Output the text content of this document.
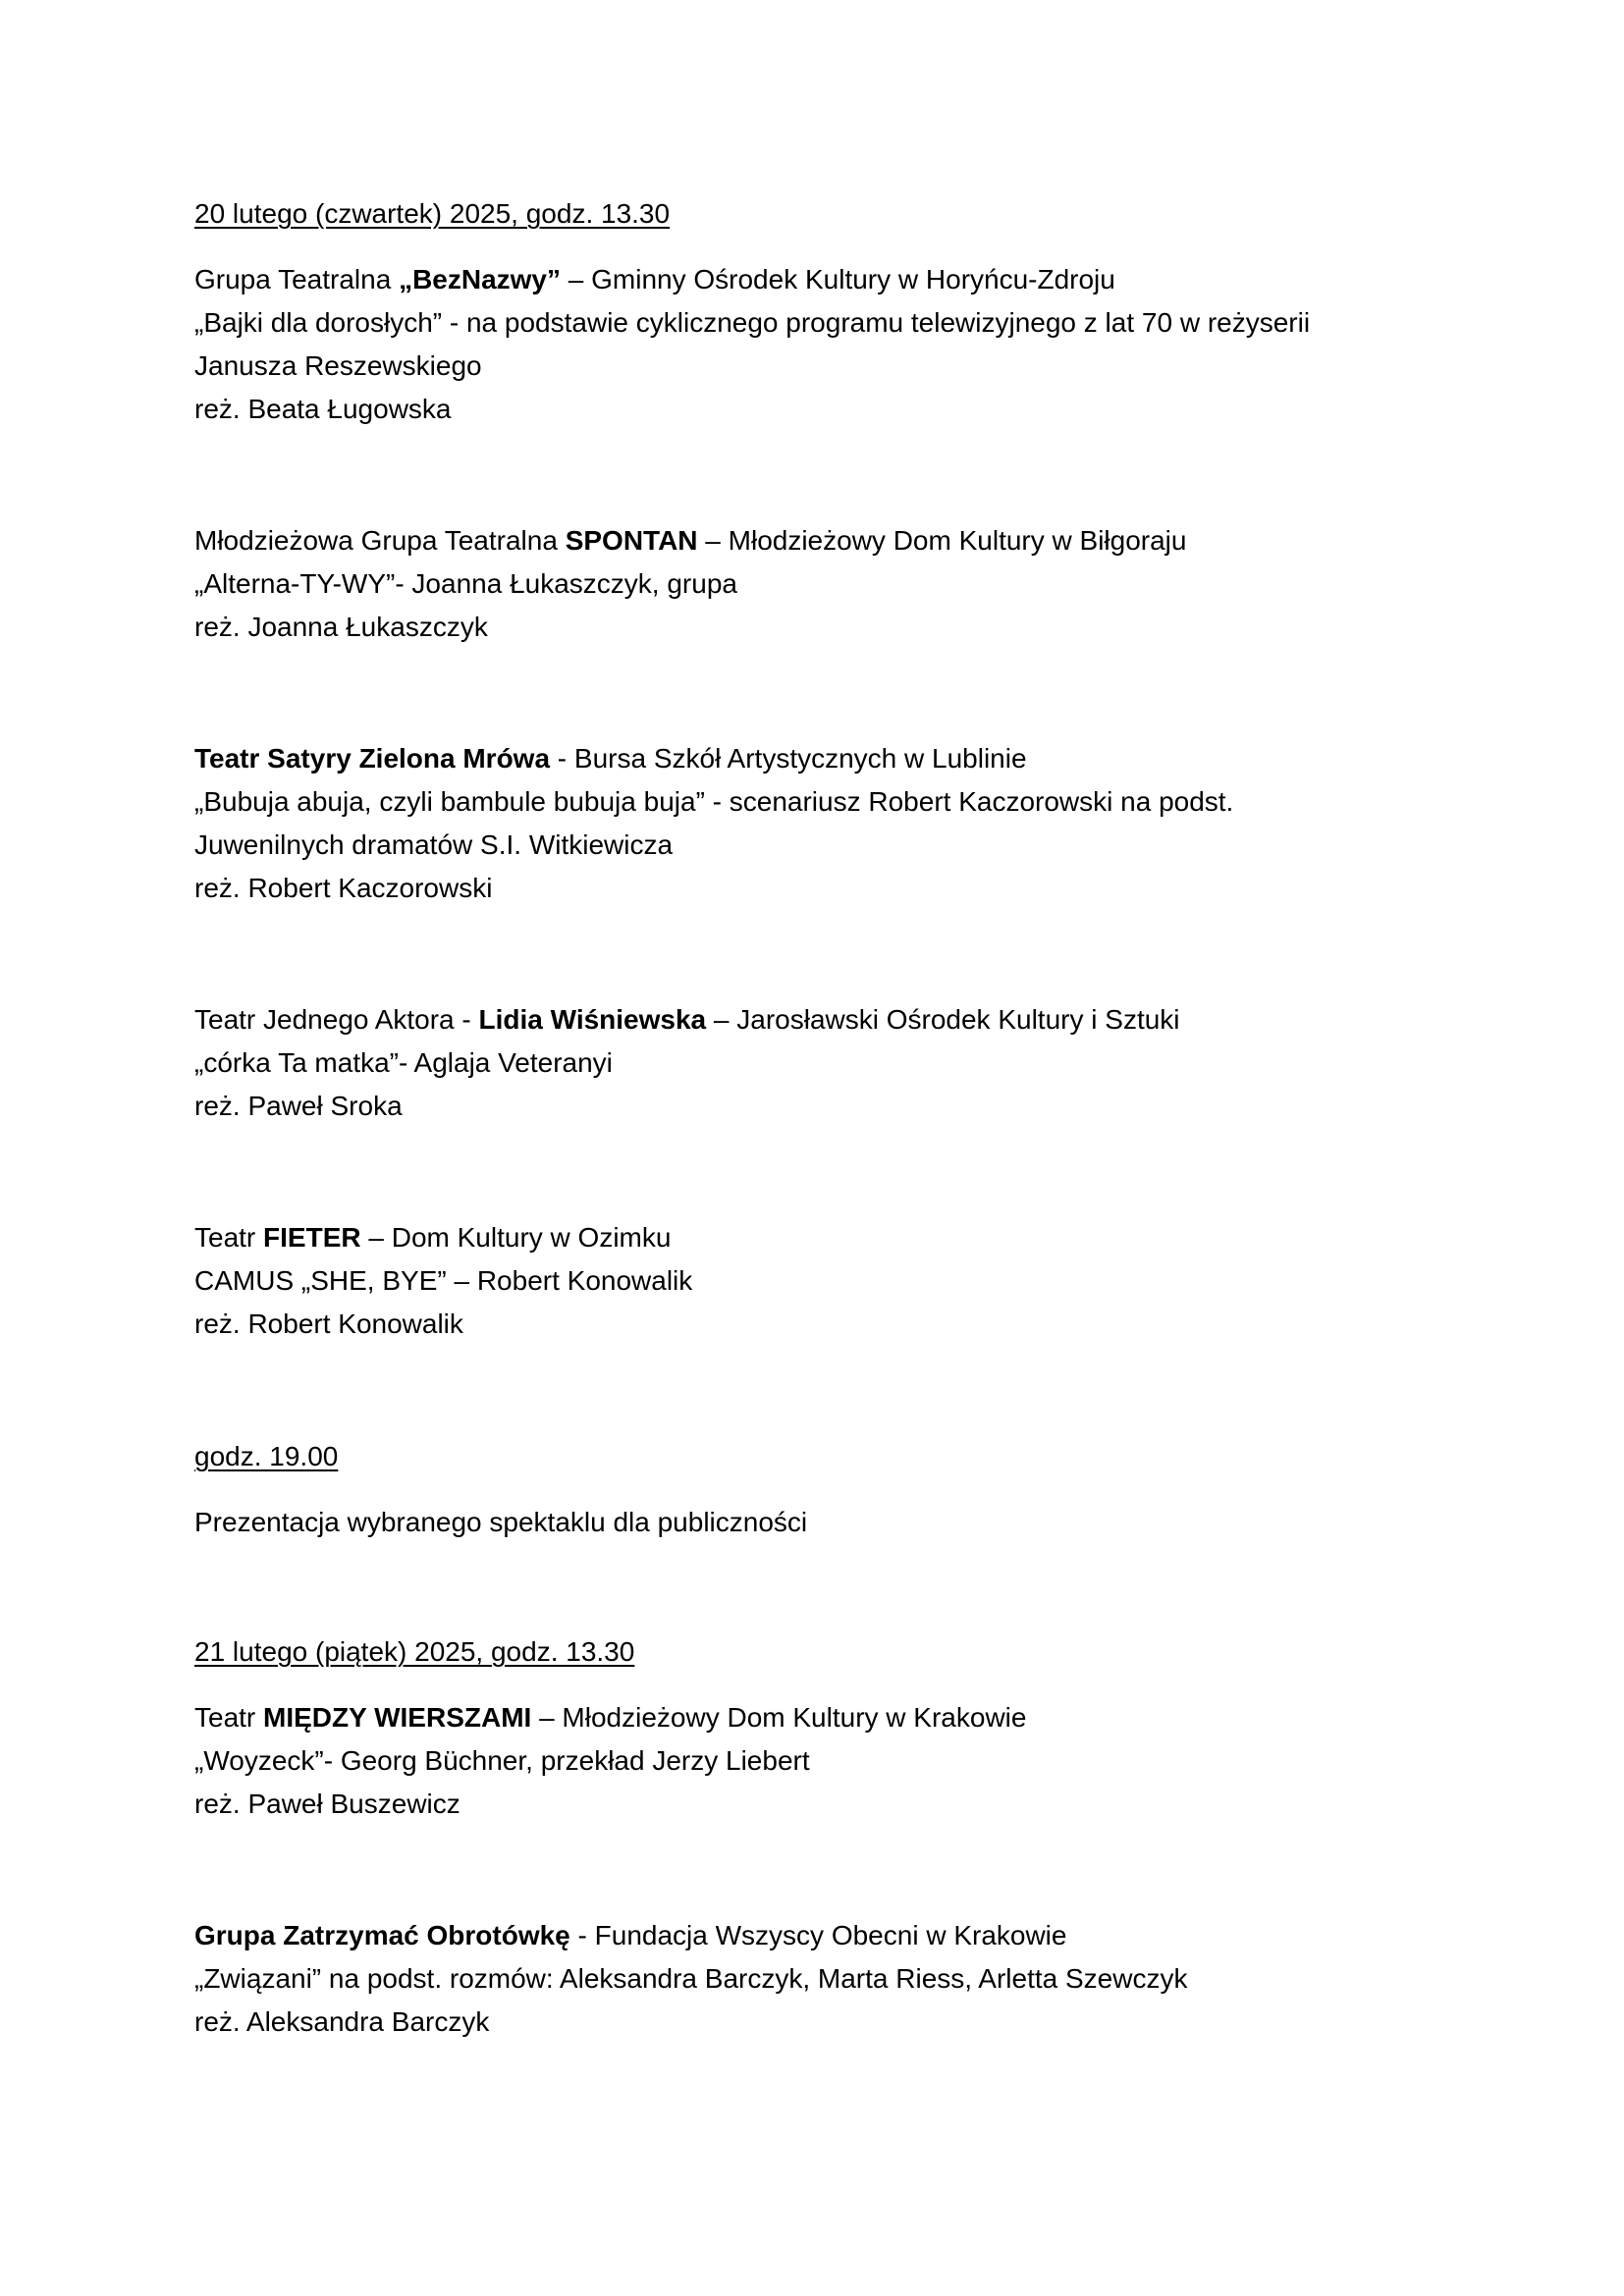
20 lutego (czwartek) 2025, godz. 13.30
Grupa Teatralna „BezNazwy” – Gminny Ośrodek Kultury w Horyńcu-Zdroju
„Bajki dla dorosłych” - na podstawie cyklicznego programu telewizyjnego z lat 70 w reżyserii
Janusza Reszewskiego
reż. Beata Ługowska
Młodzieżowa Grupa Teatralna SPONTAN – Młodzieżowy Dom Kultury w Biłgoraju
„Alterna-TY-WY”- Joanna Łukaszczyk, grupa
reż. Joanna Łukaszczyk
Teatr Satyry Zielona Mrówa - Bursa Szkół Artystycznych w Lublinie
„Bubuja abuja, czyli bambule bubuja buja” - scenariusz Robert Kaczorowski na podst.
Juwenilnych dramatów S.I. Witkiewicza
reż. Robert Kaczorowski
Teatr Jednego Aktora - Lidia Wiśniewska – Jarosławski Ośrodek Kultury i Sztuki
„córka Ta matka”- Aglaja Veteranyi
reż. Paweł Sroka
Teatr FIETER – Dom Kultury w Ozimku
CAMUS „SHE, BYE” – Robert Konowalik
reż. Robert Konowalik
godz. 19.00
Prezentacja wybranego spektaklu dla publiczności
21 lutego (piątek) 2025, godz. 13.30
Teatr MIĘDZY WIERSZAMI – Młodzieżowy Dom Kultury w Krakowie
„Woyzeck”- Georg Büchner, przekład Jerzy Liebert
reż. Paweł Buszewicz
Grupa Zatrzymać Obrotówkę - Fundacja Wszyscy Obecni w Krakowie
„Związani” na podst. rozmów: Aleksandra Barczyk, Marta Riess, Arletta Szewczyk
reż. Aleksandra Barczyk
